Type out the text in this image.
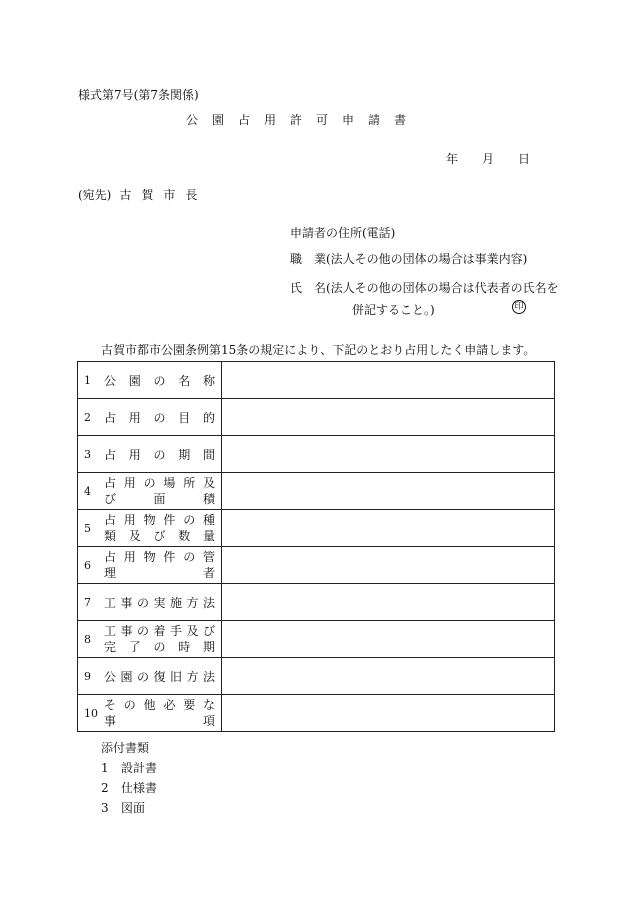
様式第7号(第7条関係)
公園占用許可申請書
年月日
(宛先) 古賀市長
申請者の住所(電話)
職　業(法人その他の団体の場合は事業内容)
氏　名(法人その他の団体の場合は代表者の氏名を
併記すること。)	印
古賀市都市公園条例第15条の規定により、下記のとおり占用したく申請します。
1 公園の名称	

2 占用の目的	

3 占用の期間	

4
占用の場所及
び面積	

5
占用物件の種
類及び数量	

6
占用物件の管
理者	

7 工事の実施方法	

8
工事の着手及び
完了の時期	

9 公園の復旧方法	

10
その他必要な
事項	

添付書類
1 設計書
2 仕様書
3 図面
